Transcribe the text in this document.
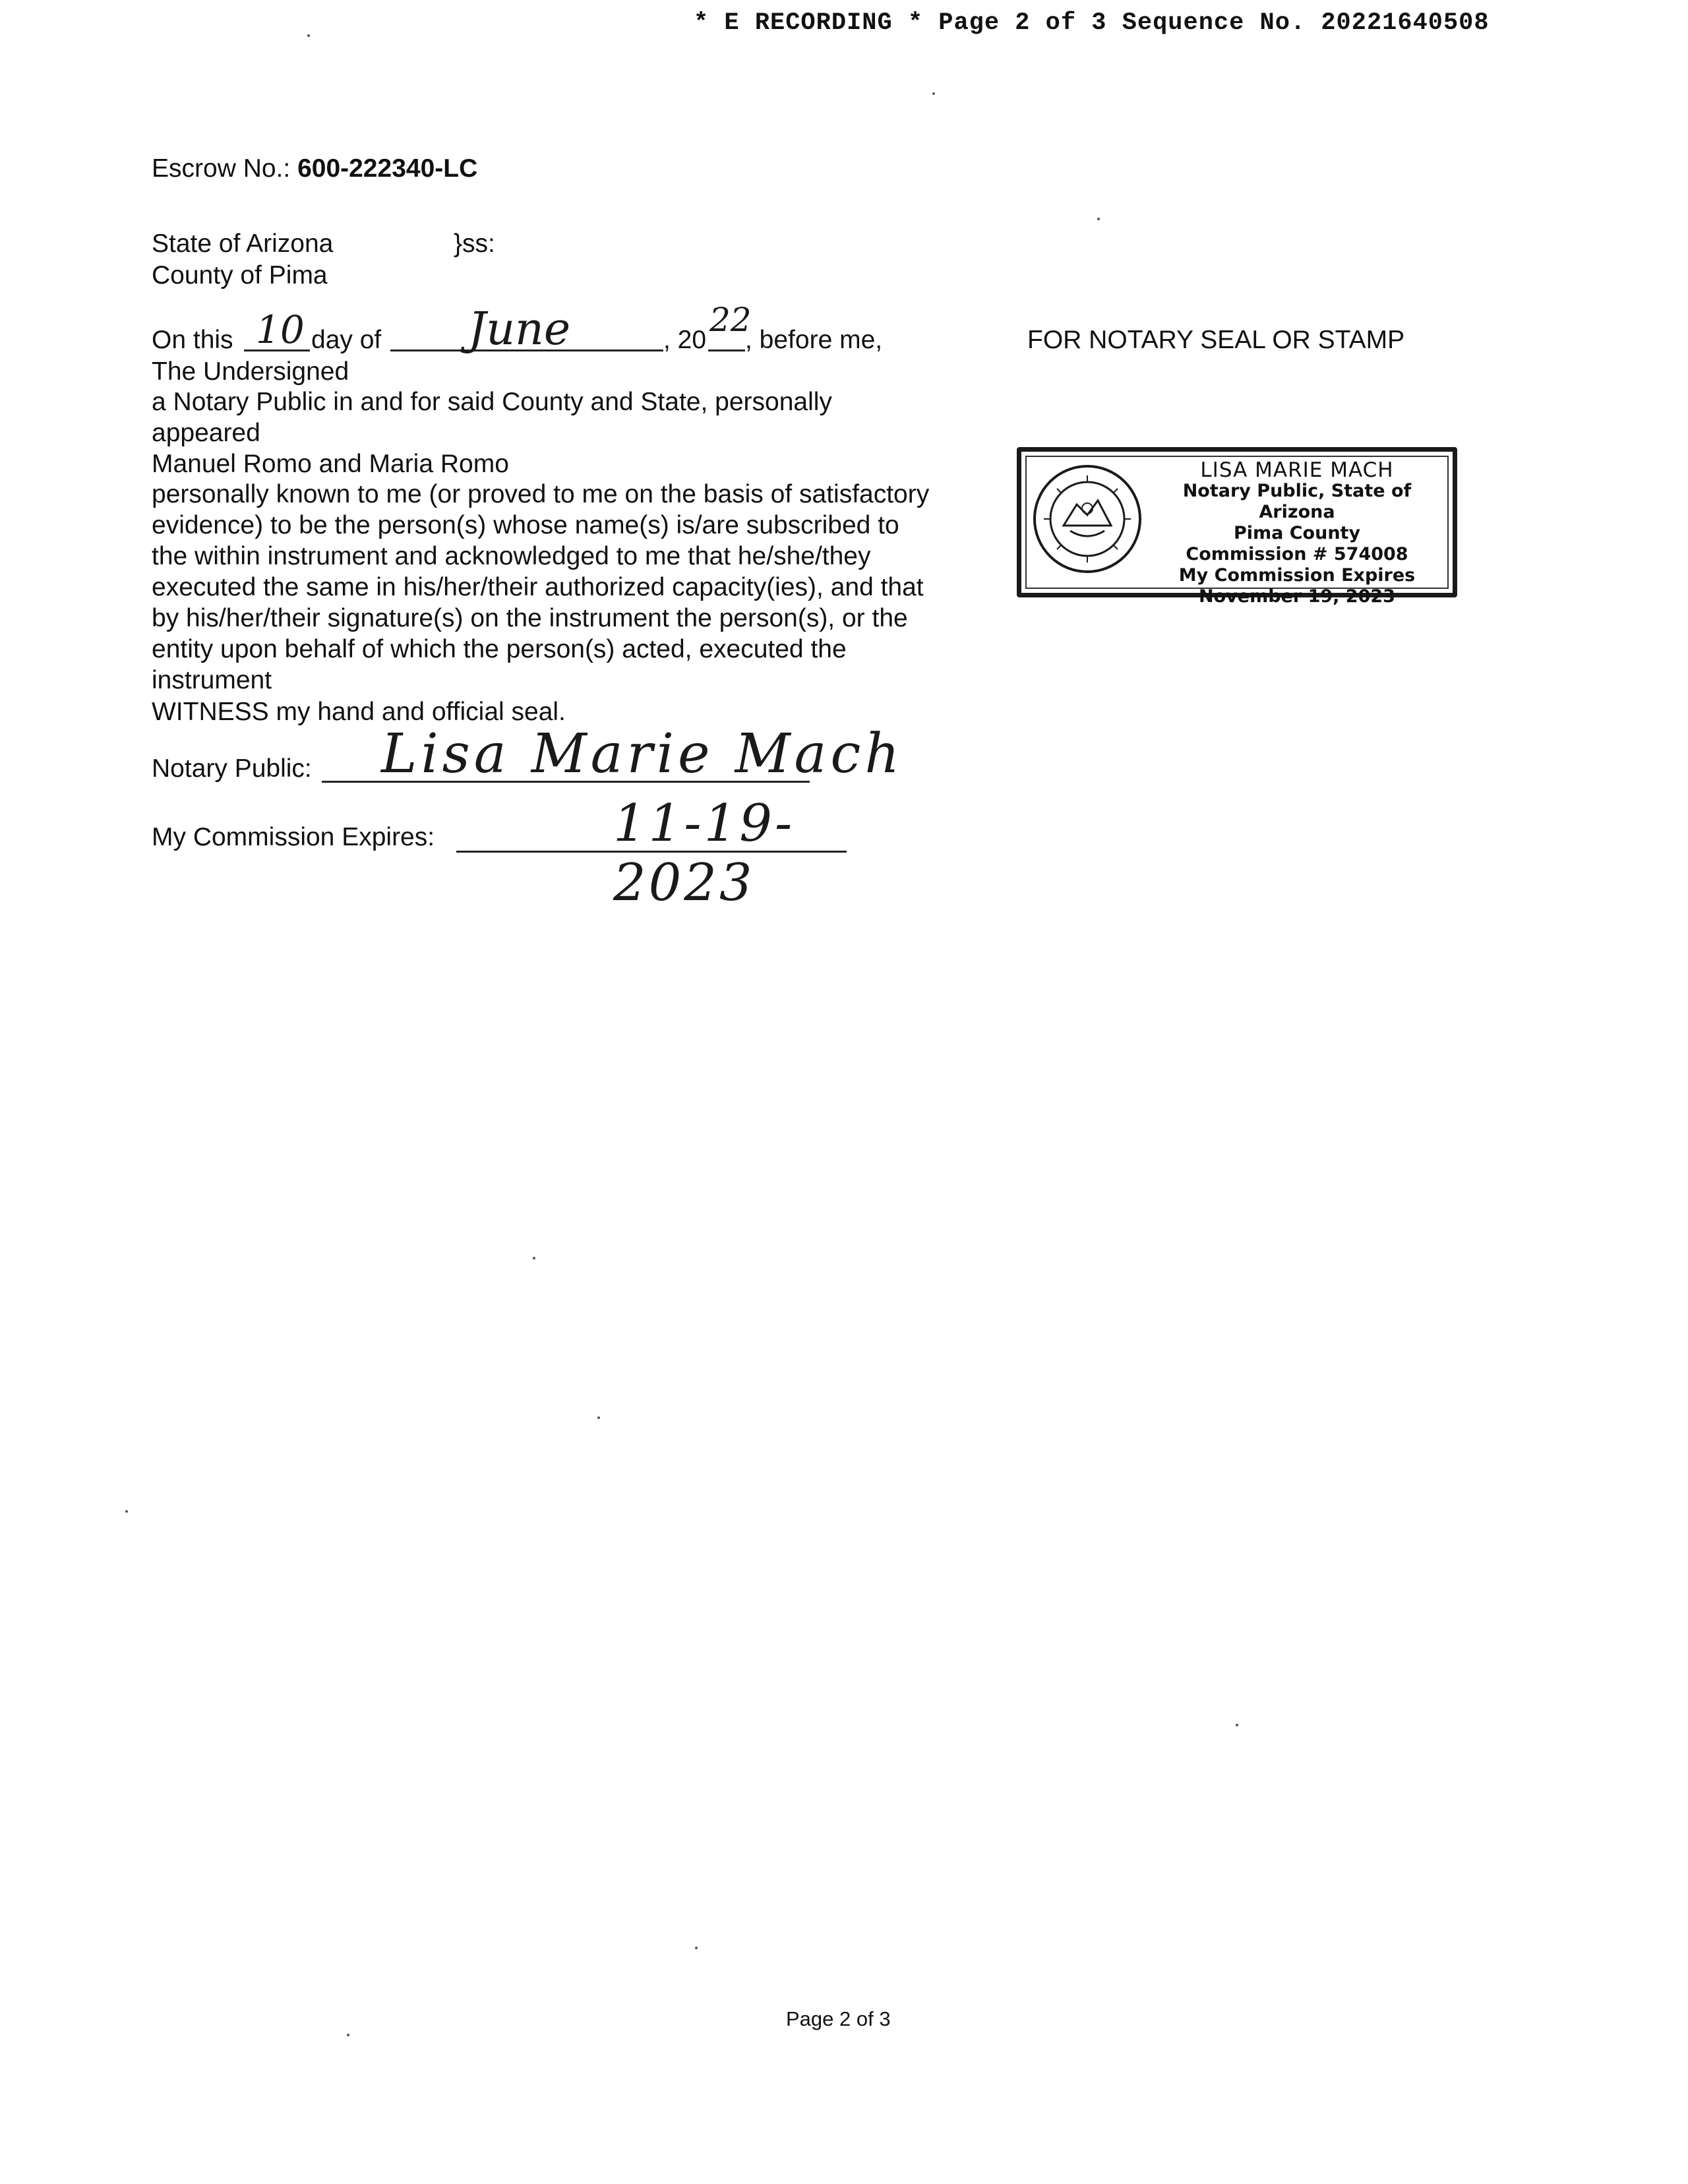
* E RECORDING * Page 2 of 3 Sequence No. 20221640508
Escrow No.: 600-222340-LC
State of Arizona	}ss:
County of Pima
On this 10 day of June	, 20
22
, before me,	FOR NOTARY SEAL OR STAMP
The Undersigned
a Notary Public in and for said County and State, personally appeared
Manuel Romo and Maria Romo
personally known to me (or proved to me on the basis of satisfactory evidence) to be the person(s) whose name(s) is/are subscribed to the within instrument and acknowledged to me that he/she/they executed the same in his/her/their authorized capacity(ies), and that by his/her/their signature(s) on the instrument the person(s), or the entity upon behalf of which the person(s) acted, executed the instrument
WITNESS my hand and official seal.
LISA MARIE MACH
Notary Public, State of Arizona
Pima County
Commission # 574008
My Commission Expires
November 19, 2023
Notary Public: Lisa Marie Mach
My Commission Expires:	11-19-2023
Page 2 of 3
